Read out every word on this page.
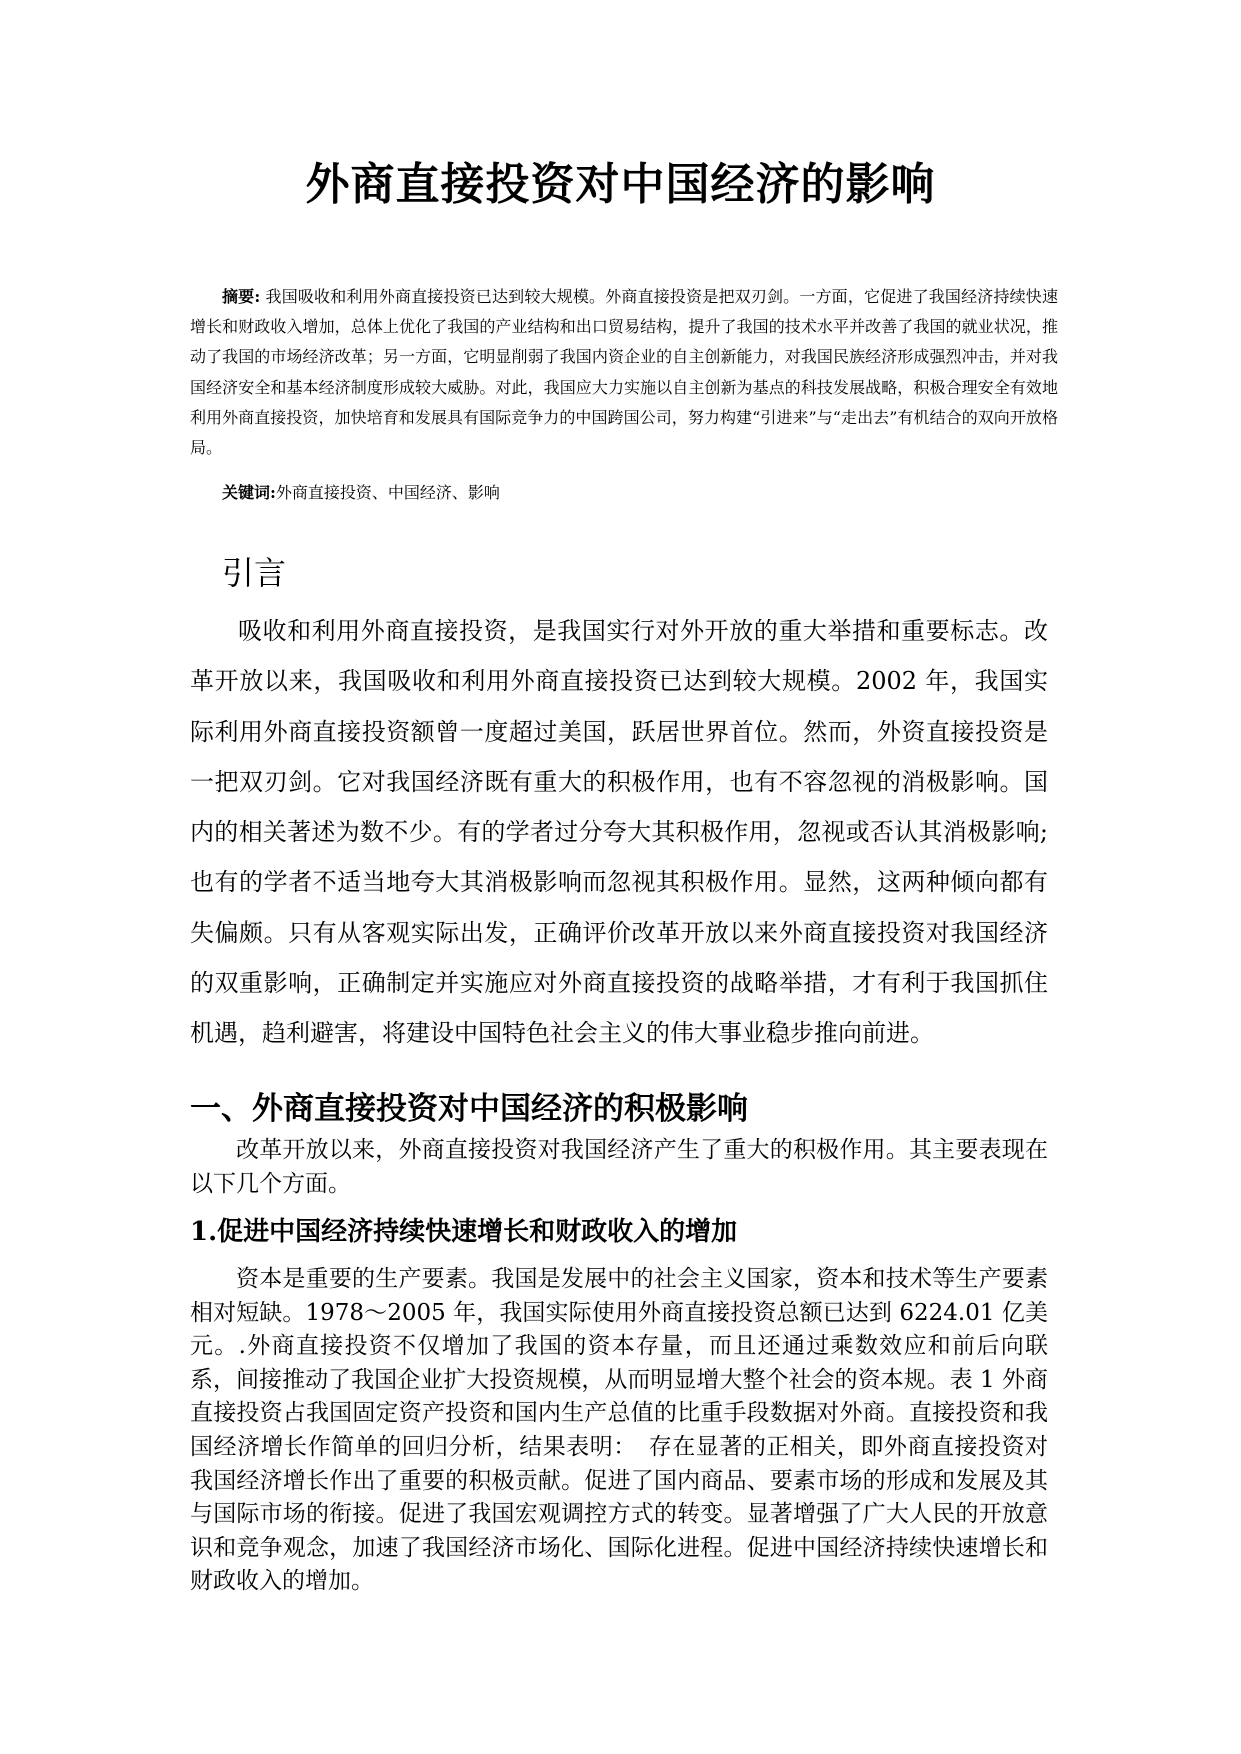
外商直接投资对中国经济的影响

摘要: 我国吸收和利用外商直接投资已达到较大规模。外商直接投资是把双刃剑。一方面，它促进了我国经济持续快速增长和财政收入增加，总体上优化了我国的产业结构和出口贸易结构，提升了我国的技术水平并改善了我国的就业状况，推动了我国的市场经济改革；另一方面，它明显削弱了我国内资企业的自主创新能力，对我国民族经济形成强烈冲击，并对我国经济安全和基本经济制度形成较大威胁。对此，我国应大力实施以自主创新为基点的科技发展战略，积极合理安全有效地利用外商直接投资，加快培育和发展具有国际竞争力的中国跨国公司，努力构建“引进来”与“走出去”有机结合的双向开放格局。

关键词:外商直接投资、中国经济、影响

引言

吸收和利用外商直接投资，是我国实行对外开放的重大举措和重要标志。改革开放以来，我国吸收和利用外商直接投资已达到较大规模。2002 年，我国实际利用外商直接投资额曾一度超过美国，跃居世界首位。然而，外资直接投资是一把双刃剑。它对我国经济既有重大的积极作用，也有不容忽视的消极影响。国内的相关著述为数不少。有的学者过分夸大其积极作用，忽视或否认其消极影响;也有的学者不适当地夸大其消极影响而忽视其积极作用。显然，这两种倾向都有失偏颇。只有从客观实际出发，正确评价改革开放以来外商直接投资对我国经济的双重影响，正确制定并实施应对外商直接投资的战略举措，才有利于我国抓住机遇，趋利避害，将建设中国特色社会主义的伟大事业稳步推向前进。

一、外商直接投资对中国经济的积极影响

改革开放以来，外商直接投资对我国经济产生了重大的积极作用。其主要表现在以下几个方面。

1.促进中国经济持续快速增长和财政收入的增加

资本是重要的生产要素。我国是发展中的社会主义国家，资本和技术等生产要素相对短缺。1978～2005 年，我国实际使用外商直接投资总额已达到 6224.01 亿美元。.外商直接投资不仅增加了我国的资本存量，而且还通过乘数效应和前后向联系，间接推动了我国企业扩大投资规模，从而明显增大整个社会的资本规。表 1 外商直接投资占我国固定资产投资和国内生产总值的比重手段数据对外商。直接投资和我国经济增长作简单的回归分析，结果表明：　存在显著的正相关，即外商直接投资对我国经济增长作出了重要的积极贡献。促进了国内商品、要素市场的形成和发展及其与国际市场的衔接。促进了我国宏观调控方式的转变。显著增强了广大人民的开放意识和竞争观念，加速了我国经济市场化、国际化进程。促进中国经济持续快速增长和财政收入的增加。
